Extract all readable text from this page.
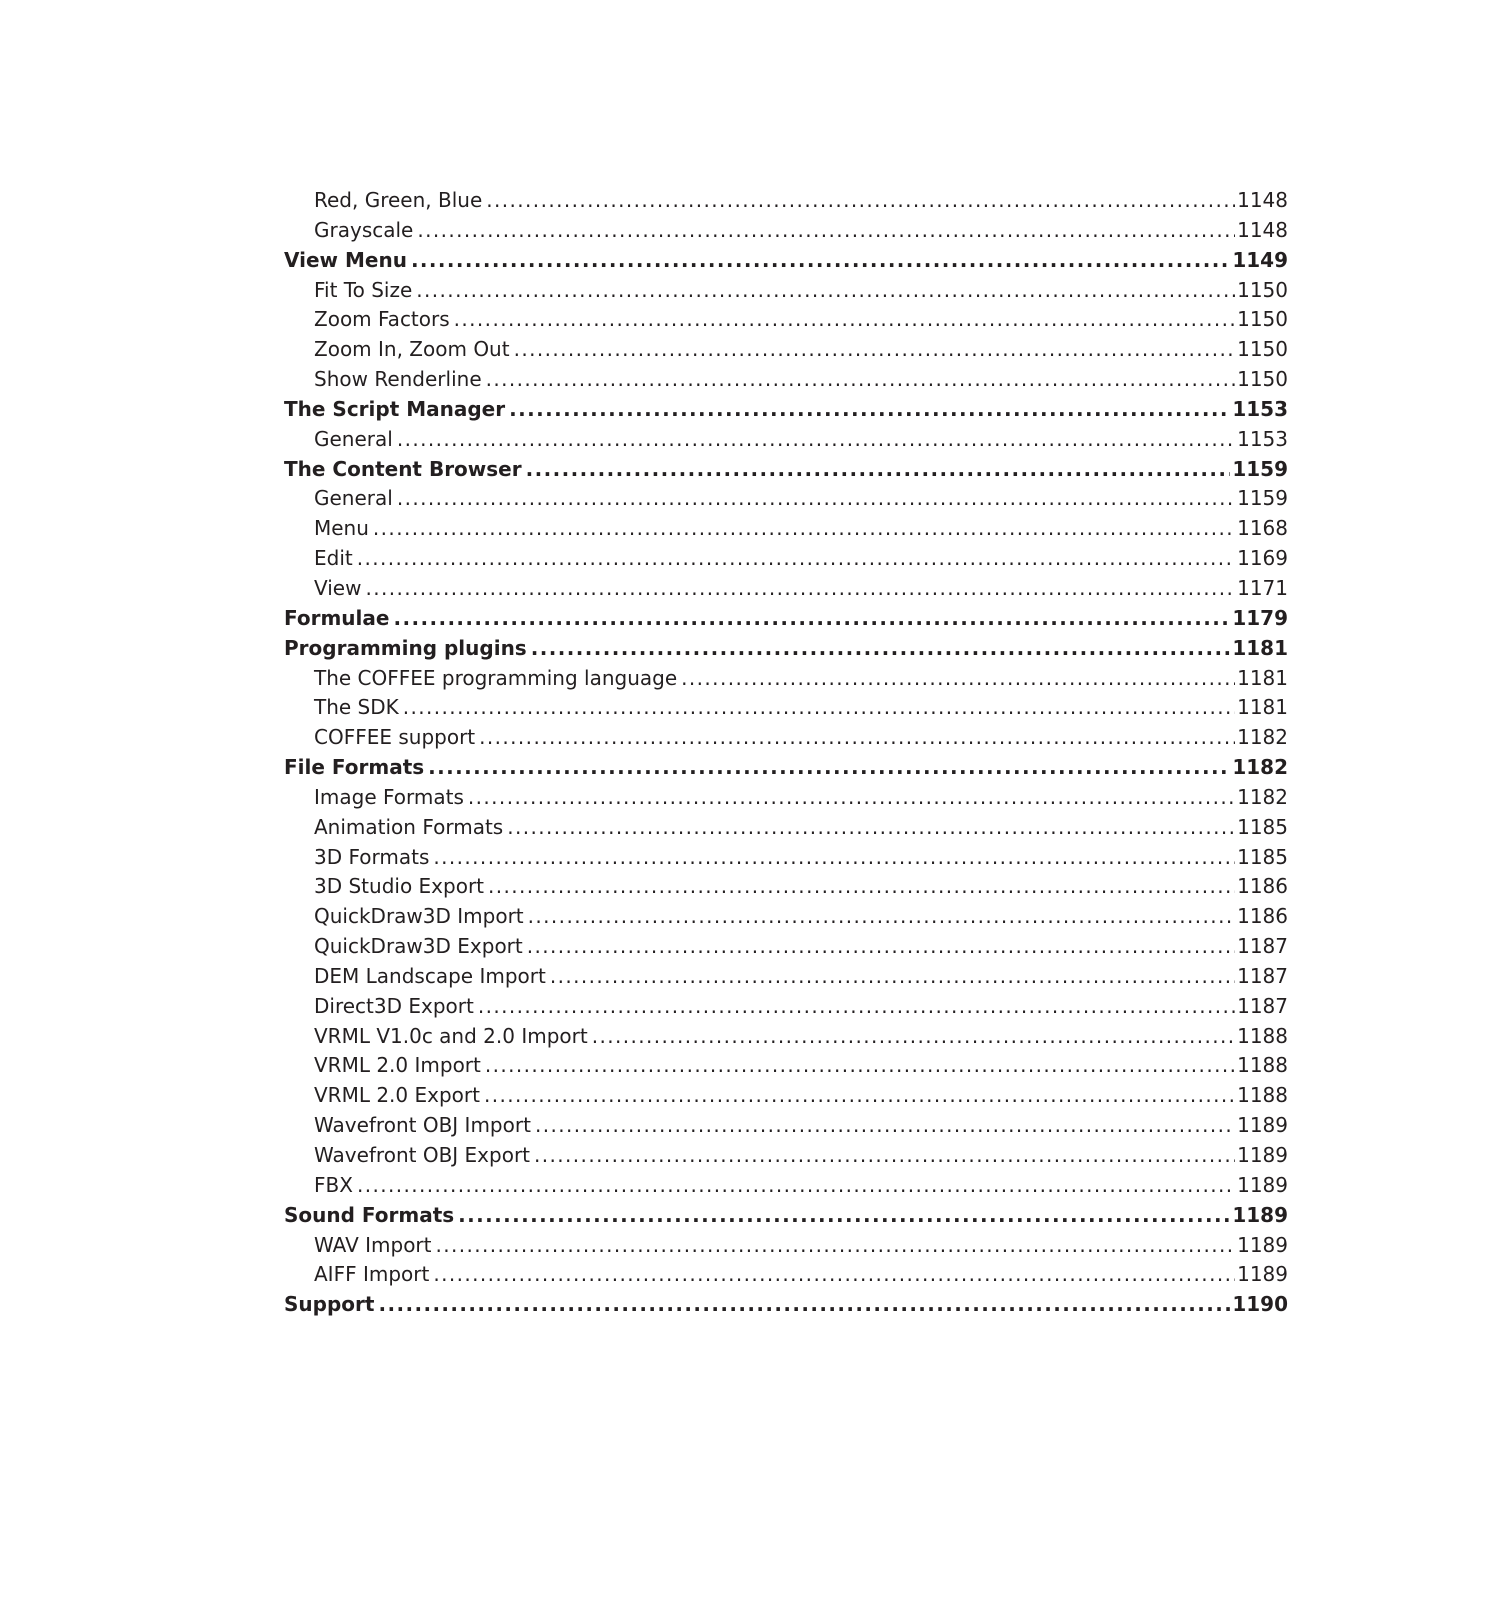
Red, Green, Blue .....	1148
Grayscale .....	1148
View Menu .....	1149
Fit To Size .....	1150
Zoom Factors .....	1150
Zoom In, Zoom Out .....	1150
Show Renderline .....	1150
The Script Manager .....	1153
General .....	1153
The Content Browser .....	1159
General .....	1159
Menu .....	1168
Edit .....	1169
View .....	1171
Formulae .....	1179
Programming plugins .....	1181
The COFFEE programming language .....	1181
The SDK .....	1181
COFFEE support .....	1182
File Formats .....	1182
Image Formats .....	1182
Animation Formats .....	1185
3D Formats .....	1185
3D Studio Export .....	1186
QuickDraw3D Import .....	1186
QuickDraw3D Export .....	1187
DEM Landscape Import .....	1187
Direct3D Export .....	1187
VRML V1.0c and 2.0 Import .....	1188
VRML 2.0 Import .....	1188
VRML 2.0 Export .....	1188
Wavefront OBJ Import .....	1189
Wavefront OBJ Export .....	1189
FBX .....	1189
Sound Formats .....	1189
WAV Import .....	1189
AIFF Import .....	1189
Support .....	1190
